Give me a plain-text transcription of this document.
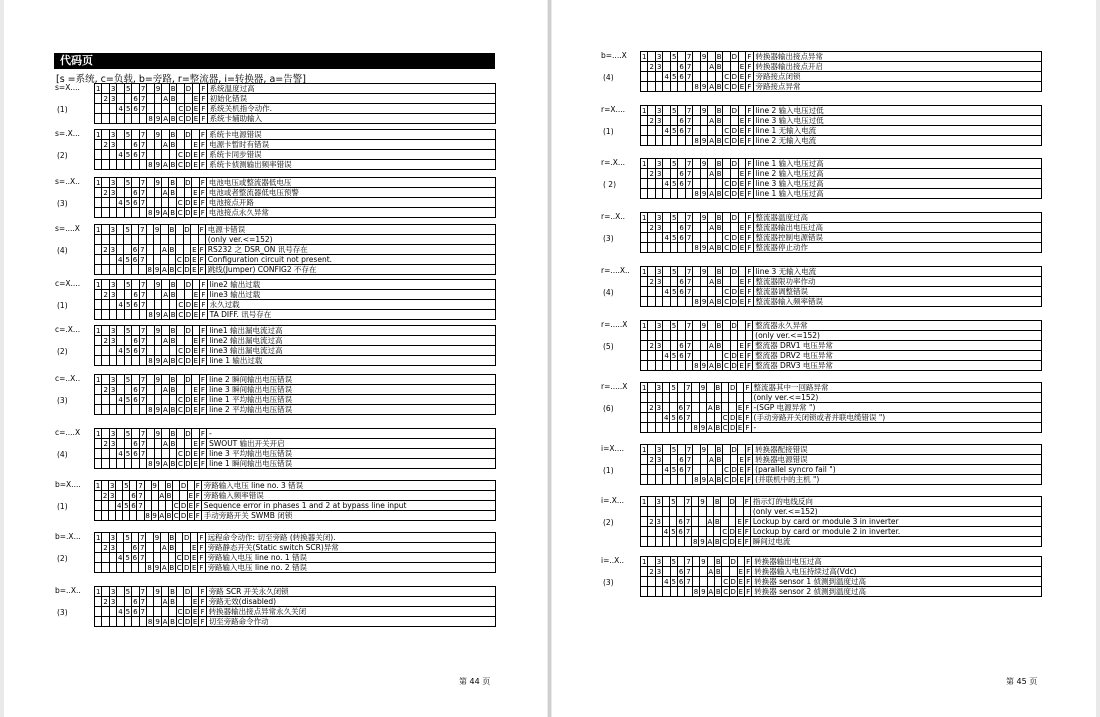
代码页
[s =系统, c=负载, b=旁路, r=整流器, i=转换器, a=告警]
s=X....
(1)
1		3		5		7		9		B		D		F	系统温度过高
	2	3			6	7			A	B			E	F	初始化错误
			4	5	6	7					C	D	E	F	系统关机指令动作.
							8	9	A	B	C	D	E	F	系统卡辅助输入
s=.X...
(2)
1		3		5		7		9		B		D		F	系统卡电源错误
	2	3			6	7			A	B			E	F	电源卡暂时有错误
			4	5	6	7					C	D	E	F	系统卡同步错误
							8	9	A	B	C	D	E	F	系统卡侦测输出频率错误
s=..X..
(3)
1		3		5		7		9		B		D		F	电池电压或整流器低电压
	2	3			6	7			A	B			E	F	电池或者整流器低电压预警
			4	5	6	7					C	D	E	F	电池接点开路
							8	9	A	B	C	D	E	F	电池接点永久异常
s=....X
(4)
1		3		5		7		9		B		D		F	电源卡错误
															(only ver.<=152)
	2	3			6	7			A	B			E	F	RS232 之 DSR_ON 讯号存在
			4	5	6	7					C	D	E	F	Configuration circuit not present.
							8	9	A	B	C	D	E	F	跳线(Jumper) CONFIG2 不存在
c=X....
(1)
1		3		5		7		9		B		D		F	line2 输出过载
	2	3			6	7			A	B			E	F	line3 输出过载
			4	5	6	7					C	D	E	F	永久过载
							8	9	A	B	C	D	E	F	TA DIFF. 讯号存在
c=.X...
(2)
1		3		5		7		9		B		D		F	line1 输出漏电流过高
	2	3			6	7			A	B			E	F	line2 输出漏电流过高
			4	5	6	7					C	D	E	F	line3 输出漏电流过高
							8	9	A	B	C	D	E	F	line 1 输出过载
c=..X..
(3)
1		3		5		7		9		B		D		F	line 2 瞬间输出电压错误
	2	3			6	7			A	B			E	F	line 3 瞬间输出电压错误
			4	5	6	7					C	D	E	F	line 1 平均输出电压错误
							8	9	A	B	C	D	E	F	line 2 平均输出电压错误
c=....X
(4)
1		3		5		7		9		B		D		F	-
	2	3			6	7			A	B			E	F	SWOUT 输出开关开启
			4	5	6	7					C	D	E	F	line 3 平均输出电压错误
							8	9	A	B	C	D	E	F	line 1 瞬间输出电压错误
b=X....
(1)
1		3		5		7		9		B		D		F	旁路输入电压 line no. 3 错误
	2	3			6	7			A	B			E	F	旁路输入频率错误
			4	5	6	7					C	D	E	F	Sequence error in phases 1 and 2 at bypass line input
							8	9	A	B	C	D	E	F	手动旁路开关 SWMB 闭锁
b=.X...
(2)
1		3		5		7		9		B		D		F	远程命令动作: 切至旁路 (转换器关闭).
	2	3			6	7			A	B			E	F	旁路静态开关(Static switch SCR)异常
			4	5	6	7					C	D	E	F	旁路输入电压 line no. 1 错误
							8	9	A	B	C	D	E	F	旁路输入电压 line no. 2 错误
b=..X..
(3)
1		3		5		7		9		B		D		F	旁路 SCR 开关永久闭锁
	2	3			6	7			A	B			E	F	旁路无效(disabled)
			4	5	6	7					C	D	E	F	转换器输出接点异常永久关闭
							8	9	A	B	C	D	E	F	切至旁路命令作动
b=....X
(4)
1		3		5		7		9		B		D		F	转换器输出接点异常
	2	3			6	7			A	B			E	F	转换器输出接点开启
			4	5	6	7					C	D	E	F	旁路接点闭锁
							8	9	A	B	C	D	E	F	旁路接点异常
r=X....
(1)
1		3		5		7		9		B		D		F	line 2 输入电压过低
	2	3			6	7			A	B			E	F	line 3 输入电压过低
			4	5	6	7					C	D	E	F	line 1 无输入电流
							8	9	A	B	C	D	E	F	line 2 无输入电流
r=.X...
( 2)
1		3		5		7		9		B		D		F	line 1 输入电压过高
	2	3			6	7			A	B			E	F	line 2 输入电压过高
			4	5	6	7					C	D	E	F	line 3 输入电压过高
							8	9	A	B	C	D	E	F	line 1 输入电压过高
r=..X..
(3)
1		3		5		7		9		B		D		F	整流器温度过高
	2	3			6	7			A	B			E	F	整流器输出电压过高
			4	5	6	7					C	D	E	F	整流器控制电源错误
							8	9	A	B	C	D	E	F	整流器停止动作
r=....X..
(4)
1		3		5		7		9		B		D		F	line 3 无输入电流
	2	3			6	7			A	B			E	F	整流器限功率作动
			4	5	6	7					C	D	E	F	整流器调整错误
							8	9	A	B	C	D	E	F	整流器输入频率错误
r=.....X
(5)
1		3		5		7		9		B		D		F	整流器永久异常
															(only ver.<=152)
	2	3			6	7			A	B			E	F	整流器 DRV1 电压异常
			4	5	6	7					C	D	E	F	整流器 DRV2 电压异常
							8	9	A	B	C	D	E	F	整流器 DRV3 电压异常
r=.....X
(6)
1		3		5		7		9		B		D		F	整流器其中一回路异常
															(only ver.<=152)
	2	3			6	7			A	B			E	F	-(SGP 电源异常 ")
			4	5	6	7					C	D	E	F	(手动旁路开关闭锁或者并联电缆错误 ")
							8	9	A	B	C	D	E	F	-
i=X....
(1)
1		3		5		7		9		B		D		F	转换器配接错误
	2	3			6	7			A	B			E	F	转换器电源错误
			4	5	6	7					C	D	E	F	(parallel syncro fail ")
							8	9	A	B	C	D	E	F	(并联机中的主机 ")
i=.X...
(2)
1		3		5		7		9		B		D		F	指示灯的电线反向
															(only ver.<=152)
	2	3			6	7			A	B			E	F	Lockup by card or module 3 in inverter
			4	5	6	7					C	D	E	F	Lockup by card or module 2 in inverter.
							8	9	A	B	C	D	E	F	瞬间过电流
i=..X..
(3)
1		3		5		7		9		B		D		F	转换器输出电压过高
	2	3			6	7			A	B			E	F	转换器输入电压持续过高(Vdc)
			4	5	6	7					C	D	E	F	转换器 sensor 1 侦测到温度过高
							8	9	A	B	C	D	E	F	转换器 sensor 2 侦测到温度过高
第 44 页	第 45 页
